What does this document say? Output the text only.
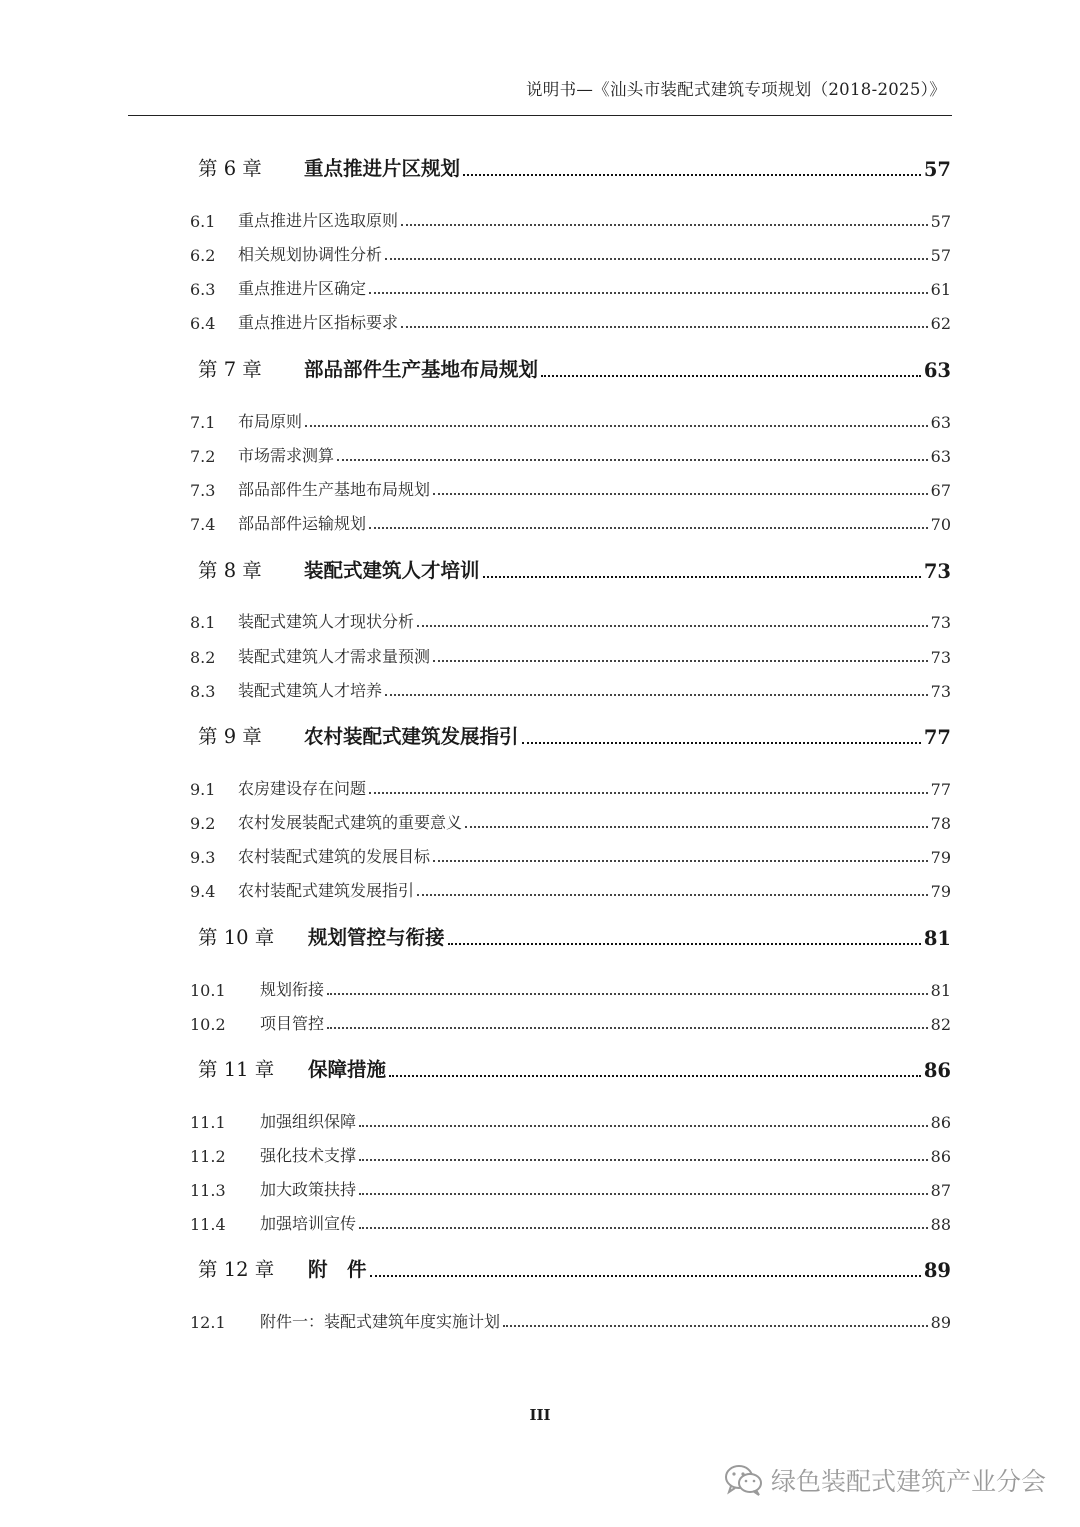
说明书—《汕头市装配式建筑专项规划（2018-2025）》
第 6 章	重点推进片区规划	57
6.1	重点推进片区选取原则	57
6.2	相关规划协调性分析	57
6.3	重点推进片区确定	61
6.4	重点推进片区指标要求	62
第 7 章	部品部件生产基地布局规划	63
7.1	布局原则	63
7.2	市场需求测算	63
7.3	部品部件生产基地布局规划	67
7.4	部品部件运输规划	70
第 8 章	装配式建筑人才培训	73
8.1	装配式建筑人才现状分析	73
8.2	装配式建筑人才需求量预测	73
8.3	装配式建筑人才培养	73
第 9 章	农村装配式建筑发展指引	77
9.1	农房建设存在问题	77
9.2	农村发展装配式建筑的重要意义	78
9.3	农村装配式建筑的发展目标	79
9.4	农村装配式建筑发展指引	79
第 10 章	规划管控与衔接	81
10.1	规划衔接	81
10.2	项目管控	82
第 11 章	保障措施	86
11.1	加强组织保障	86
11.2	强化技术支撑	86
11.3	加大政策扶持	87
11.4	加强培训宣传	88
第 12 章	附　件	89
12.1	附件一：装配式建筑年度实施计划	89
III
绿色装配式建筑产业分会
